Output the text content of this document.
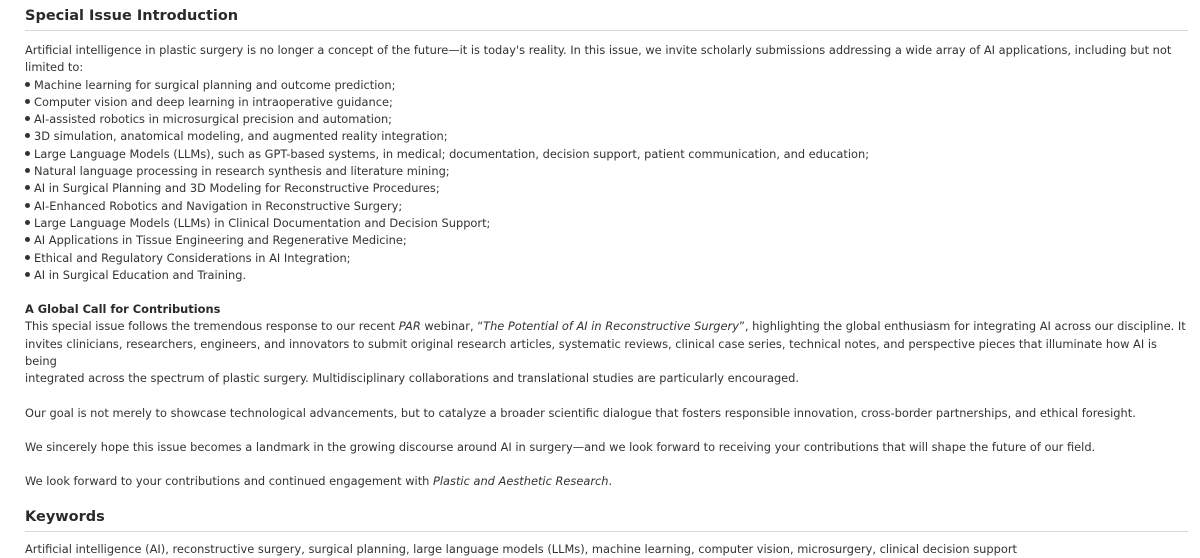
Special Issue Introduction
Artificial intelligence in plastic surgery is no longer a concept of the future—it is today's reality. In this issue, we invite scholarly submissions addressing a wide array of AI applications, including but not
limited to:
Machine learning for surgical planning and outcome prediction;
Computer vision and deep learning in intraoperative guidance;
AI-assisted robotics in microsurgical precision and automation;
3D simulation, anatomical modeling, and augmented reality integration;
Large Language Models (LLMs), such as GPT-based systems, in medical; documentation, decision support, patient communication, and education;
Natural language processing in research synthesis and literature mining;
AI in Surgical Planning and 3D Modeling for Reconstructive Procedures;
AI-Enhanced Robotics and Navigation in Reconstructive Surgery;
Large Language Models (LLMs) in Clinical Documentation and Decision Support;
AI Applications in Tissue Engineering and Regenerative Medicine;
Ethical and Regulatory Considerations in AI Integration;
AI in Surgical Education and Training.
A Global Call for Contributions
This special issue follows the tremendous response to our recent PAR webinar, “The Potential of AI in Reconstructive Surgery”, highlighting the global enthusiasm for integrating AI across our discipline. It
invites clinicians, researchers, engineers, and innovators to submit original research articles, systematic reviews, clinical case series, technical notes, and perspective pieces that illuminate how AI is being
integrated across the spectrum of plastic surgery. Multidisciplinary collaborations and translational studies are particularly encouraged.
Our goal is not merely to showcase technological advancements, but to catalyze a broader scientific dialogue that fosters responsible innovation, cross-border partnerships, and ethical foresight.
We sincerely hope this issue becomes a landmark in the growing discourse around AI in surgery—and we look forward to receiving your contributions that will shape the future of our field.
We look forward to your contributions and continued engagement with Plastic and Aesthetic Research.
Keywords
Artificial intelligence (AI), reconstructive surgery, surgical planning, large language models (LLMs), machine learning, computer vision, microsurgery, clinical decision support
